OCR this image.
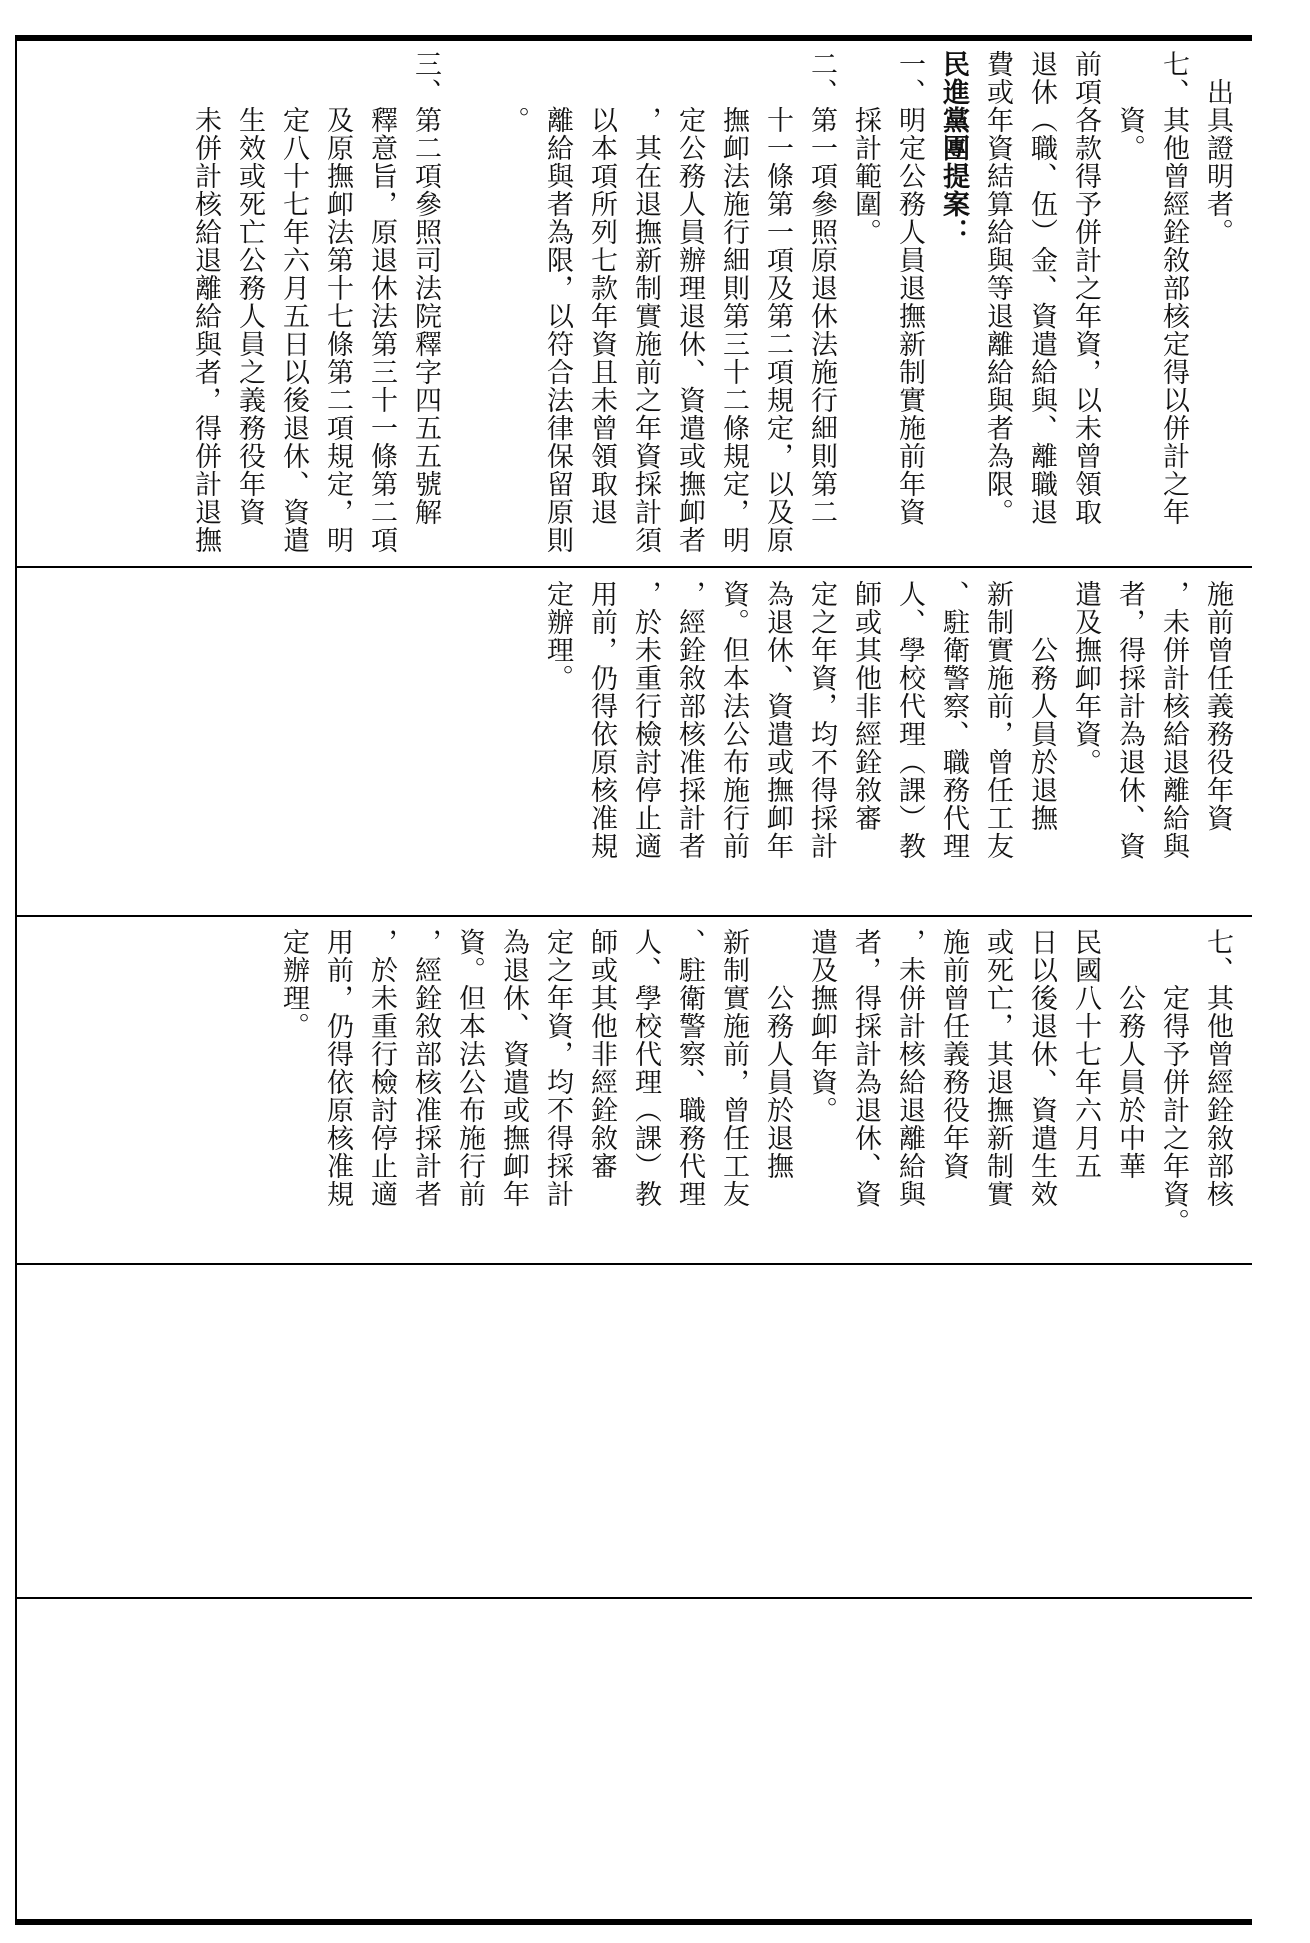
　出具證明者。
七、其他曾經銓敘部核定得以併計之年
　　資。
前項各款得予併計之年資，以未曾領取
退休（職、伍）金、資遣給與、離職退
費或年資結算給與等退離給與者為限。
民進黨團提案：
一、明定公務人員退撫新制實施前年資
　　採計範圍。
二、第一項參照原退休法施行細則第二
　　十一條第一項及第二項規定，以及原
　　撫卹法施行細則第三十二條規定，明
　　定公務人員辦理退休、資遣或撫卹者
　　，其在退撫新制實施前之年資採計須
　　以本項所列七款年資且未曾領取退
　　離給與者為限，以符合法律保留原則
　　。
三、第二項參照司法院釋字四五五號解
　　釋意旨，原退休法第三十一條第二項
　　及原撫卹法第十七條第二項規定，明
　　定八十七年六月五日以後退休、資遣
　　生效或死亡公務人員之義務役年資
　　未併計核給退離給與者，得併計退撫
施前曾任義務役年資
，未併計核給退離給與
者，得採計為退休、資
遣及撫卹年資。
　　公務人員於退撫
新制實施前，曾任工友
、駐衛警察、職務代理
人、學校代理（課）教
師或其他非經銓敘審
定之年資，均不得採計
為退休、資遣或撫卹年
資。但本法公布施行前
，經銓敘部核准採計者
，於未重行檢討停止適
用前，仍得依原核准規
定辦理。
七、其他曾經銓敘部核
　　定得予併計之年資。
　　公務人員於中華
民國八十七年六月五
日以後退休、資遣生效
或死亡，其退撫新制實
施前曾任義務役年資
，未併計核給退離給與
者，得採計為退休、資
遣及撫卹年資。
　　公務人員於退撫
新制實施前，曾任工友
、駐衛警察、職務代理
人、學校代理（課）教
師或其他非經銓敘審
定之年資，均不得採計
為退休、資遣或撫卹年
資。但本法公布施行前
，經銓敘部核准採計者
，於未重行檢討停止適
用前，仍得依原核准規
定辦理。
